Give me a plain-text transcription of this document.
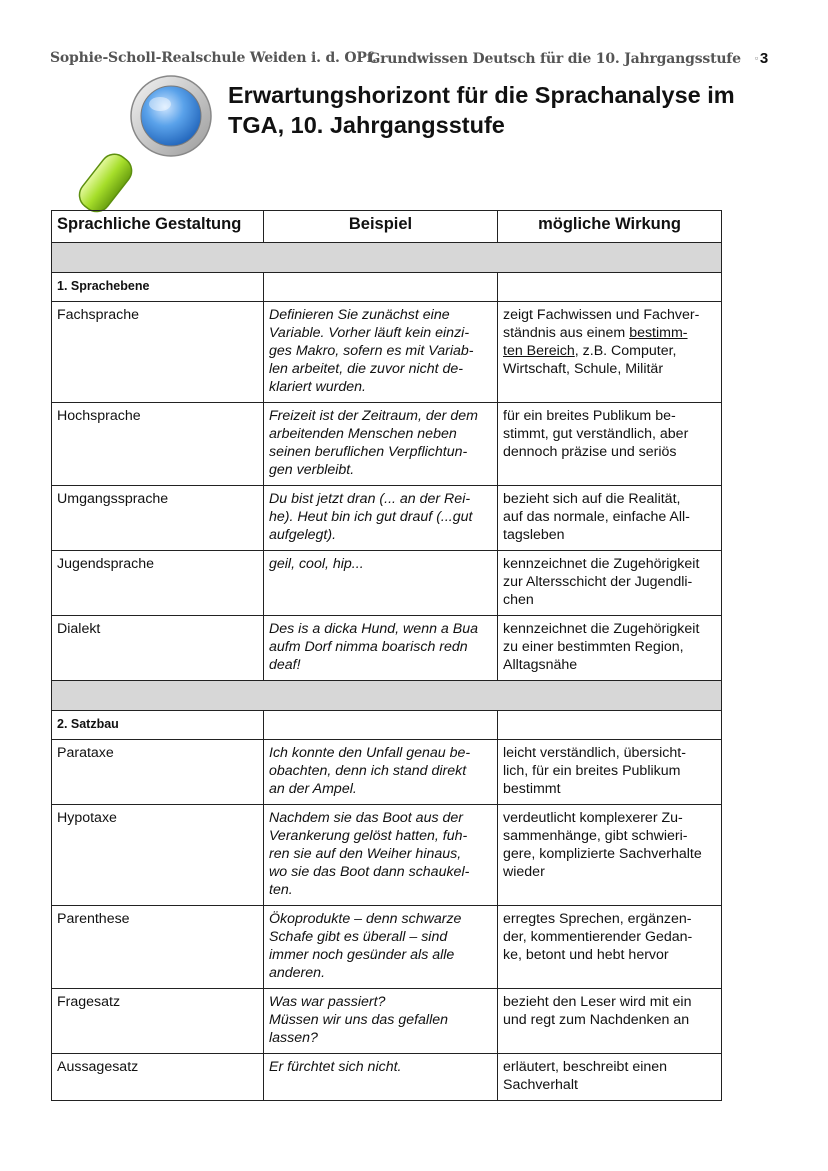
Sophie-Scholl-Realschule Weiden i. d. OPf.
Grundwissen Deutsch für die 10. Jahrgangsstufe ▫ 3
Erwartungshorizont für die Sprachanalyse im TGA, 10. Jahrgangsstufe
Sprachliche Gestaltung	Beispiel	mögliche Wirkung

1. Sprachebene		
Fachsprache	Definieren Sie zunächst eine
Variable. Vorher läuft kein einzi-
ges Makro, sofern es mit Variab-
len arbeitet, die zuvor nicht de-
klariert wurden.	zeigt Fachwissen und Fachver-
ständnis aus einem bestimm-
ten Bereich, z.B. Computer,
Wirtschaft, Schule, Militär
Hochsprache	Freizeit ist der Zeitraum, der dem
arbeitenden Menschen neben
seinen beruflichen Verpflichtun-
gen verbleibt.	für ein breites Publikum be-
stimmt, gut verständlich, aber
dennoch präzise und seriös
Umgangssprache	Du bist jetzt dran (... an der Rei-
he). Heut bin ich gut drauf (...gut
aufgelegt).	bezieht sich auf die Realität,
auf das normale, einfache All-
tagsleben
Jugendsprache	geil, cool, hip...	kennzeichnet die Zugehörigkeit
zur Altersschicht der Jugendli-
chen
Dialekt	Des is a dicka Hund, wenn a Bua
aufm Dorf nimma boarisch redn
deaf!	kennzeichnet die Zugehörigkeit
zu einer bestimmten Region,
Alltagsnähe

2. Satzbau		
Parataxe	Ich konnte den Unfall genau be-
obachten, denn ich stand direkt
an der Ampel.	leicht verständlich, übersicht-
lich, für ein breites Publikum
bestimmt
Hypotaxe	Nachdem sie das Boot aus der
Verankerung gelöst hatten, fuh-
ren sie auf den Weiher hinaus,
wo sie das Boot dann schaukel-
ten.	verdeutlicht komplexerer Zu-
sammenhänge, gibt schwieri-
gere, komplizierte Sachverhalte
wieder
Parenthese	Ökoprodukte – denn schwarze
Schafe gibt es überall – sind
immer noch gesünder als alle
anderen.	erregtes Sprechen, ergänzen-
der, kommentierender Gedan-
ke, betont und hebt hervor
Fragesatz	Was war passiert?
Müssen wir uns das gefallen
lassen?	bezieht den Leser wird mit ein
und regt zum Nachdenken an
Aussagesatz	Er fürchtet sich nicht.	erläutert, beschreibt einen
Sachverhalt
